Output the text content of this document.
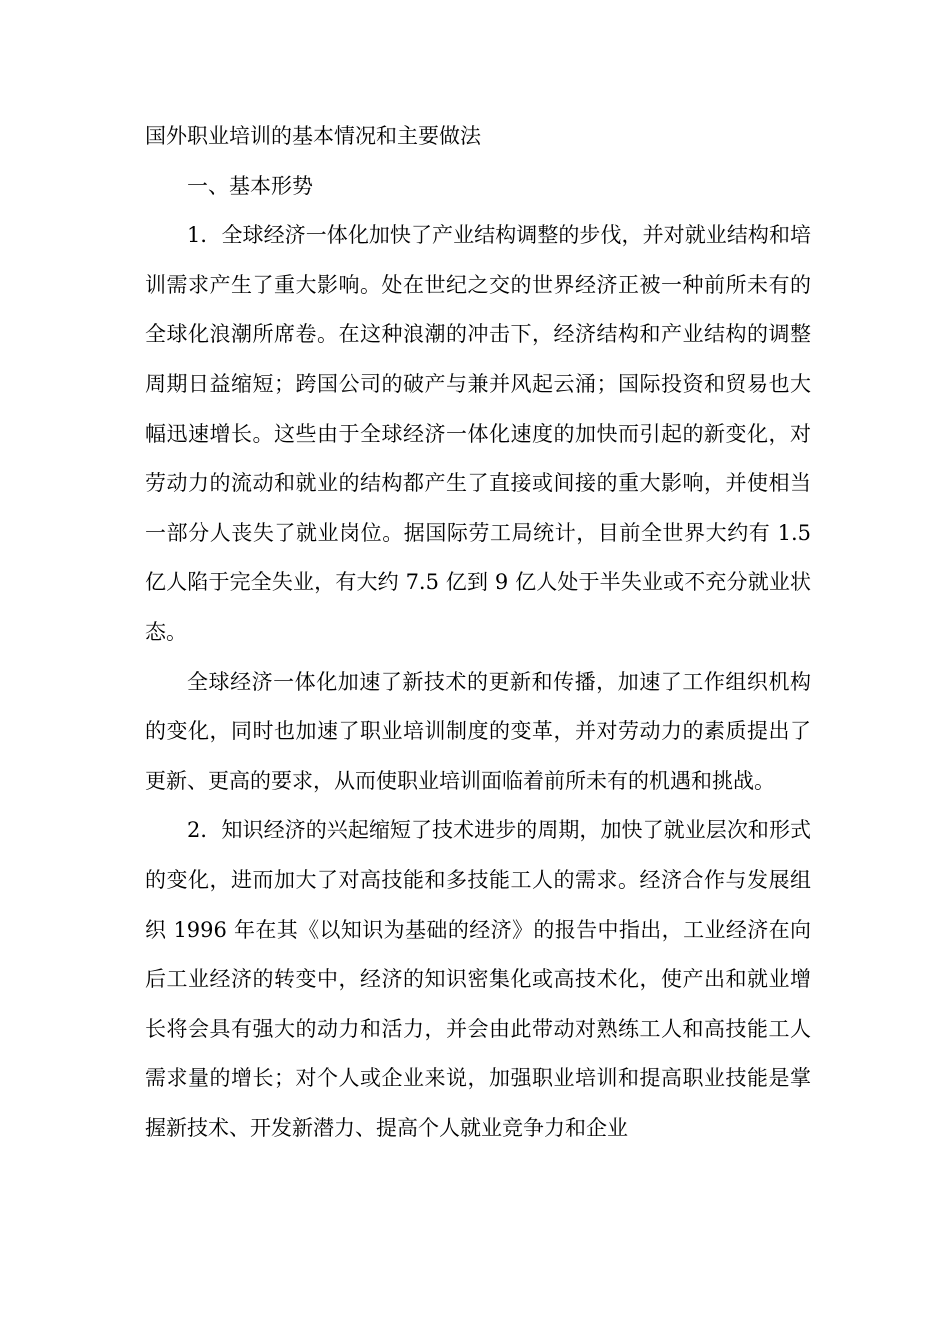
国外职业培训的基本情况和主要做法

一、基本形势

1．全球经济一体化加快了产业结构调整的步伐，并对就业结构和培训需求产生了重大影响。处在世纪之交的世界经济正被一种前所未有的全球化浪潮所席卷。在这种浪潮的冲击下，经济结构和产业结构的调整周期日益缩短；跨国公司的破产与兼并风起云涌；国际投资和贸易也大幅迅速增长。这些由于全球经济一体化速度的加快而引起的新变化，对劳动力的流动和就业的结构都产生了直接或间接的重大影响，并使相当一部分人丧失了就业岗位。据国际劳工局统计，目前全世界大约有 1.5 亿人陷于完全失业，有大约 7.5 亿到 9 亿人处于半失业或不充分就业状态。

全球经济一体化加速了新技术的更新和传播，加速了工作组织机构的变化，同时也加速了职业培训制度的变革，并对劳动力的素质提出了更新、更高的要求，从而使职业培训面临着前所未有的机遇和挑战。

2．知识经济的兴起缩短了技术进步的周期，加快了就业层次和形式的变化，进而加大了对高技能和多技能工人的需求。经济合作与发展组织 1996 年在其《以知识为基础的经济》的报告中指出，工业经济在向后工业经济的转变中，经济的知识密集化或高技术化，使产出和就业增长将会具有强大的动力和活力，并会由此带动对熟练工人和高技能工人需求量的增长；对个人或企业来说，加强职业培训和提高职业技能是掌握新技术、开发新潜力、提高个人就业竞争力和企业
